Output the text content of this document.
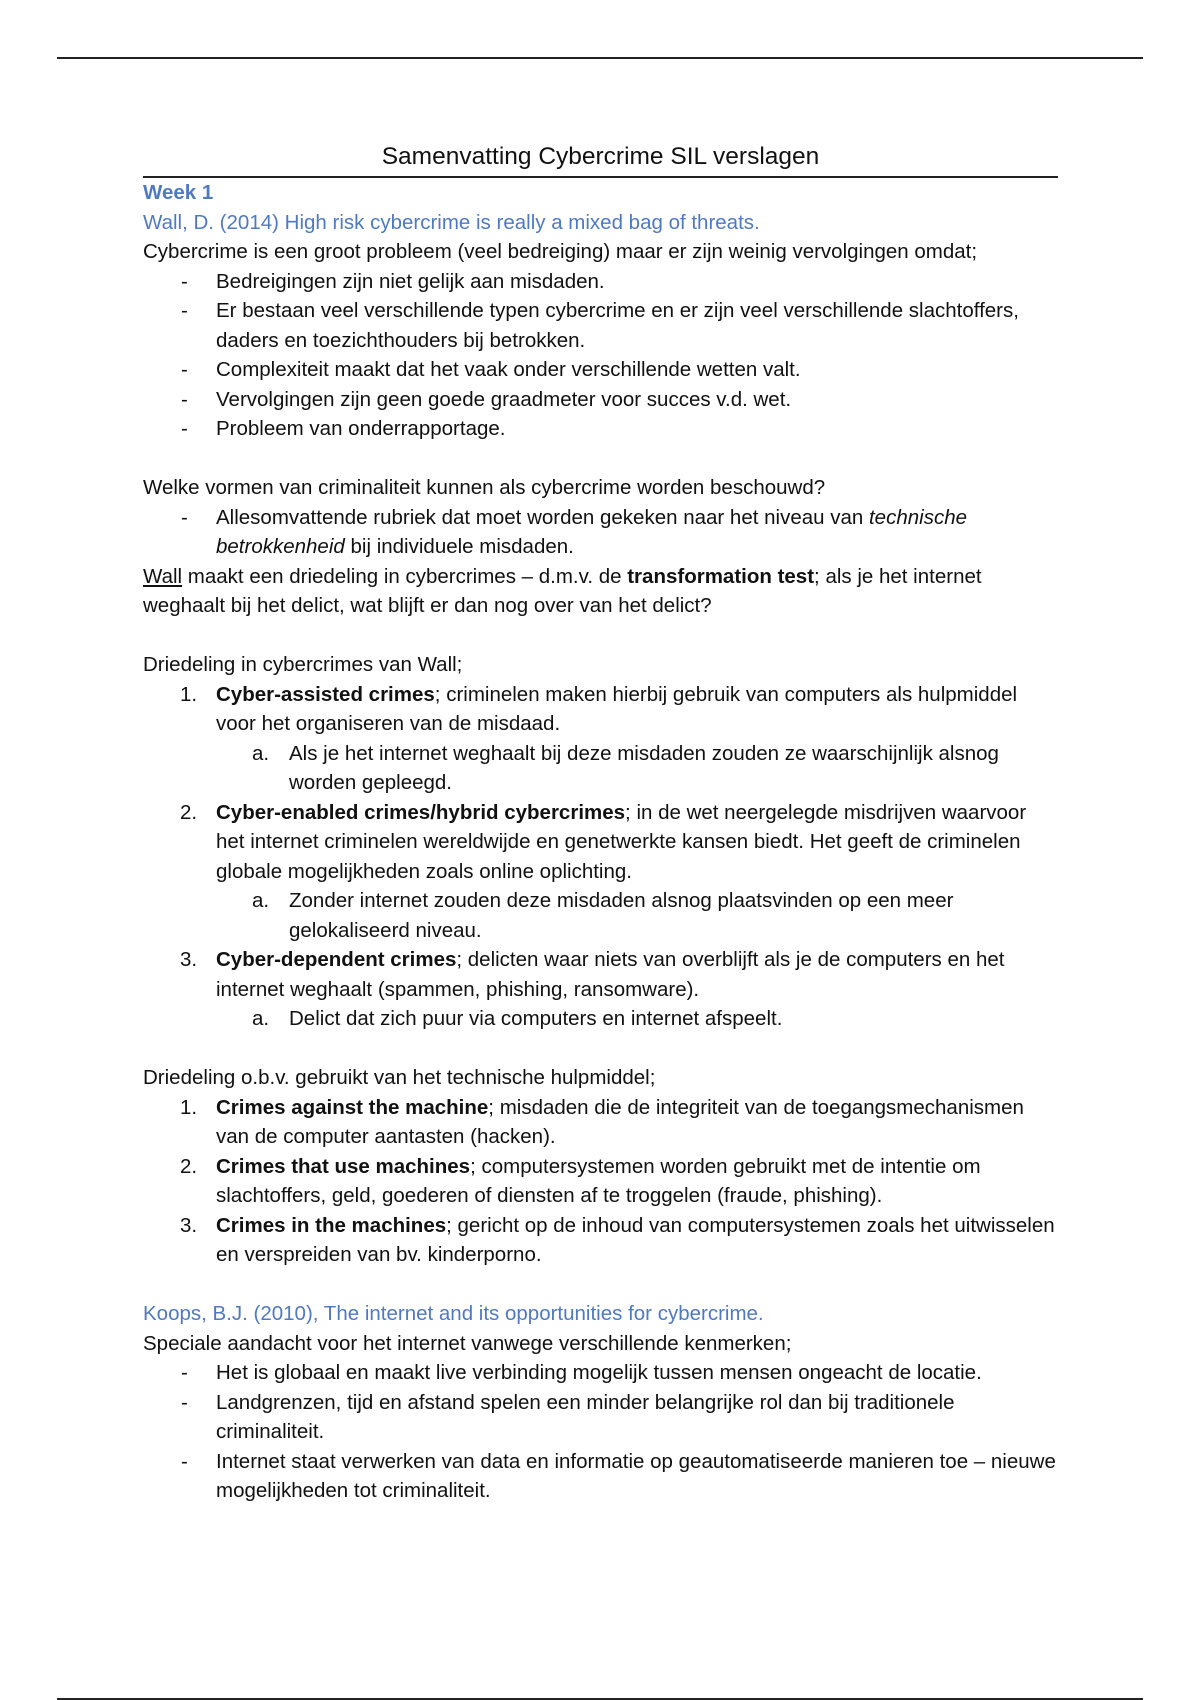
Samenvatting Cybercrime SIL verslagen

Week 1

Wall, D. (2014) High risk cybercrime is really a mixed bag of threats.

Cybercrime is een groot probleem (veel bedreiging) maar er zijn weinig vervolgingen omdat;

- Bedreigingen zijn niet gelijk aan misdaden.
- Er bestaan veel verschillende typen cybercrime en er zijn veel verschillende slachtoffers, daders en toezichthouders bij betrokken.
- Complexiteit maakt dat het vaak onder verschillende wetten valt.
- Vervolgingen zijn geen goede graadmeter voor succes v.d. wet.
- Probleem van onderrapportage.

Welke vormen van criminaliteit kunnen als cybercrime worden beschouwd?

- Allesomvattende rubriek dat moet worden gekeken naar het niveau van technische betrokkenheid bij individuele misdaden.

Wall maakt een driedeling in cybercrimes – d.m.v. de transformation test; als je het internet weghaalt bij het delict, wat blijft er dan nog over van het delict?

Driedeling in cybercrimes van Wall;

1. Cyber-assisted crimes; criminelen maken hierbij gebruik van computers als hulpmiddel voor het organiseren van de misdaad.
a. Als je het internet weghaalt bij deze misdaden zouden ze waarschijnlijk alsnog worden gepleegd.
2. Cyber-enabled crimes/hybrid cybercrimes; in de wet neergelegde misdrijven waarvoor het internet criminelen wereldwijde en genetwerkte kansen biedt. Het geeft de criminelen globale mogelijkheden zoals online oplichting.
a. Zonder internet zouden deze misdaden alsnog plaatsvinden op een meer gelokaliseerd niveau.
3. Cyber-dependent crimes; delicten waar niets van overblijft als je de computers en het internet weghaalt (spammen, phishing, ransomware).
a. Delict dat zich puur via computers en internet afspeelt.

Driedeling o.b.v. gebruikt van het technische hulpmiddel;

1. Crimes against the machine; misdaden die de integriteit van de toegangsmechanismen van de computer aantasten (hacken).
2. Crimes that use machines; computersystemen worden gebruikt met de intentie om slachtoffers, geld, goederen of diensten af te troggelen (fraude, phishing).
3. Crimes in the machines; gericht op de inhoud van computersystemen zoals het uitwisselen en verspreiden van bv. kinderporno.

Koops, B.J. (2010), The internet and its opportunities for cybercrime.

Speciale aandacht voor het internet vanwege verschillende kenmerken;

- Het is globaal en maakt live verbinding mogelijk tussen mensen ongeacht de locatie.
- Landgrenzen, tijd en afstand spelen een minder belangrijke rol dan bij traditionele criminaliteit.
- Internet staat verwerken van data en informatie op geautomatiseerde manieren toe – nieuwe mogelijkheden tot criminaliteit.
